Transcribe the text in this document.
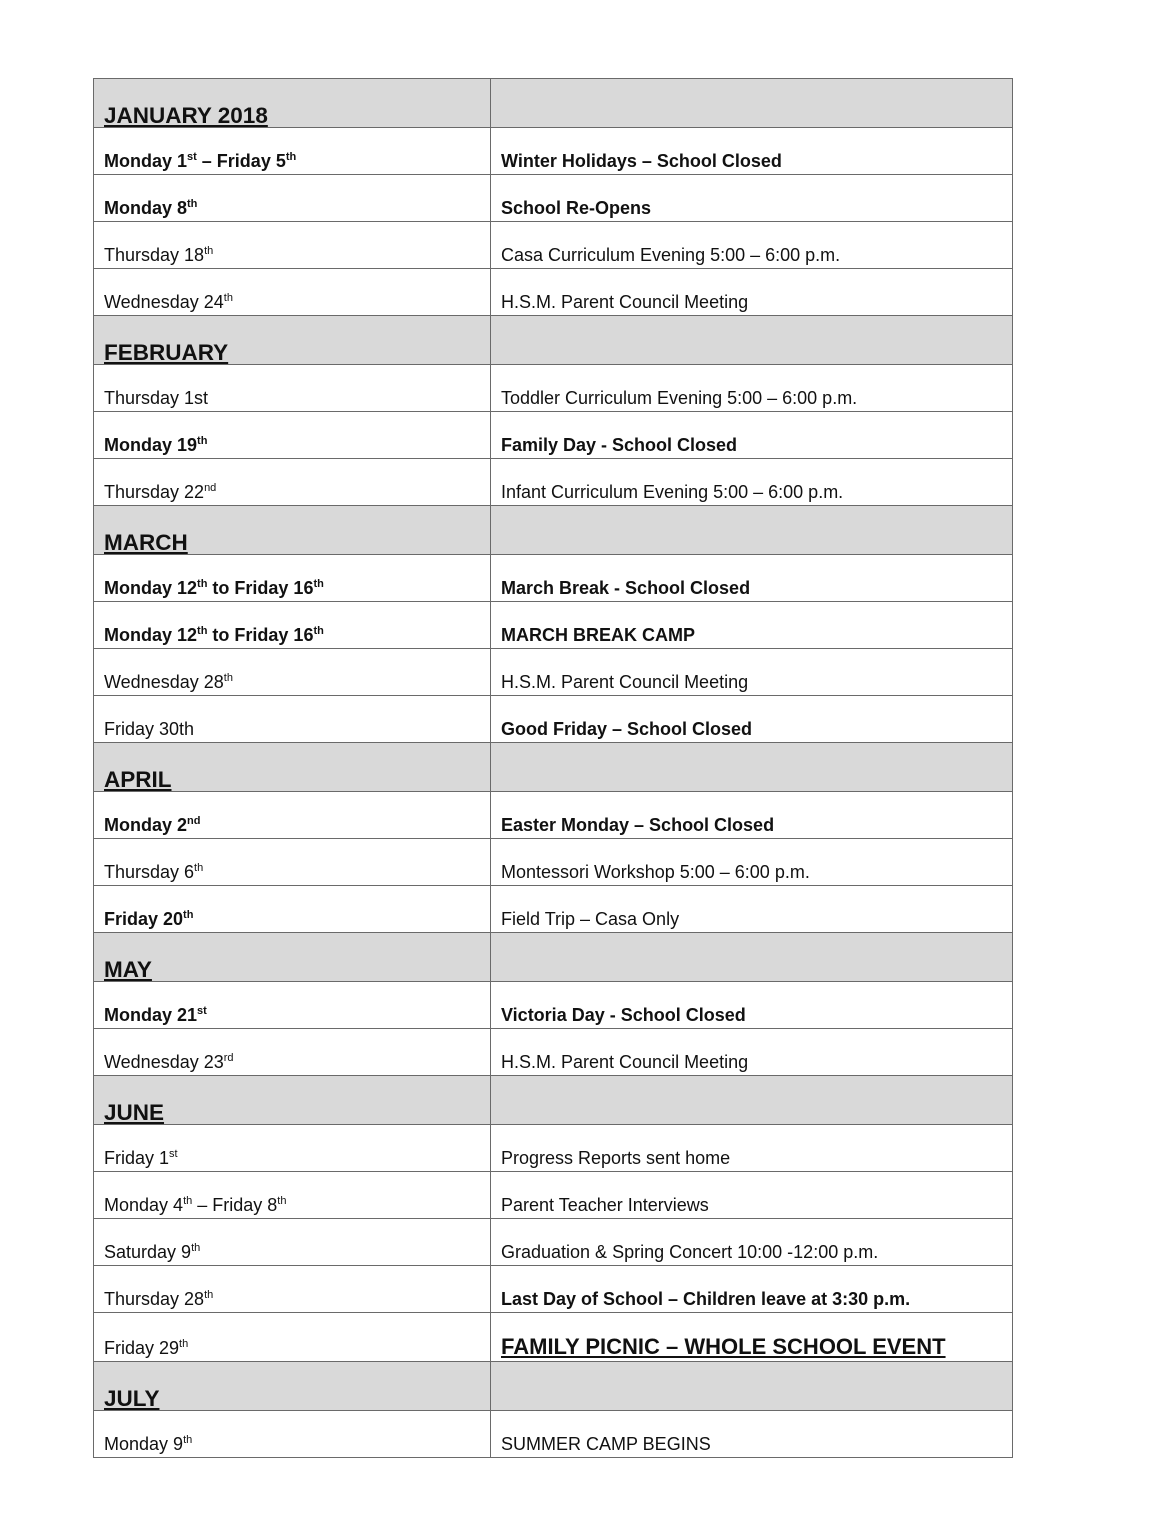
JANUARY 2018	
Monday 1st – Friday 5th	Winter Holidays – School Closed
Monday 8th	School Re-Opens
Thursday 18th	Casa Curriculum Evening 5:00 – 6:00 p.m.
Wednesday 24th	H.S.M. Parent Council Meeting
FEBRUARY	
Thursday 1st	Toddler Curriculum Evening 5:00 – 6:00 p.m.
Monday 19th	Family Day - School Closed
Thursday 22nd	Infant Curriculum Evening 5:00 – 6:00 p.m.
MARCH	
Monday 12th to Friday 16th	March Break - School Closed
Monday 12th to Friday 16th	MARCH BREAK CAMP
Wednesday 28th	H.S.M. Parent Council Meeting
Friday 30th	Good Friday – School Closed
APRIL	
Monday 2nd	Easter Monday – School Closed
Thursday 6th	Montessori Workshop 5:00 – 6:00 p.m.
Friday 20th	Field Trip – Casa Only
MAY	
Monday 21st	Victoria Day - School Closed
Wednesday 23rd	H.S.M. Parent Council Meeting
JUNE	
Friday 1st	Progress Reports sent home
Monday 4th – Friday 8th	Parent Teacher Interviews
Saturday 9th	Graduation & Spring Concert 10:00 -12:00 p.m.
Thursday 28th	Last Day of School – Children leave at 3:30 p.m.
Friday 29th	FAMILY PICNIC – WHOLE SCHOOL EVENT
JULY	
Monday 9th	SUMMER CAMP BEGINS
